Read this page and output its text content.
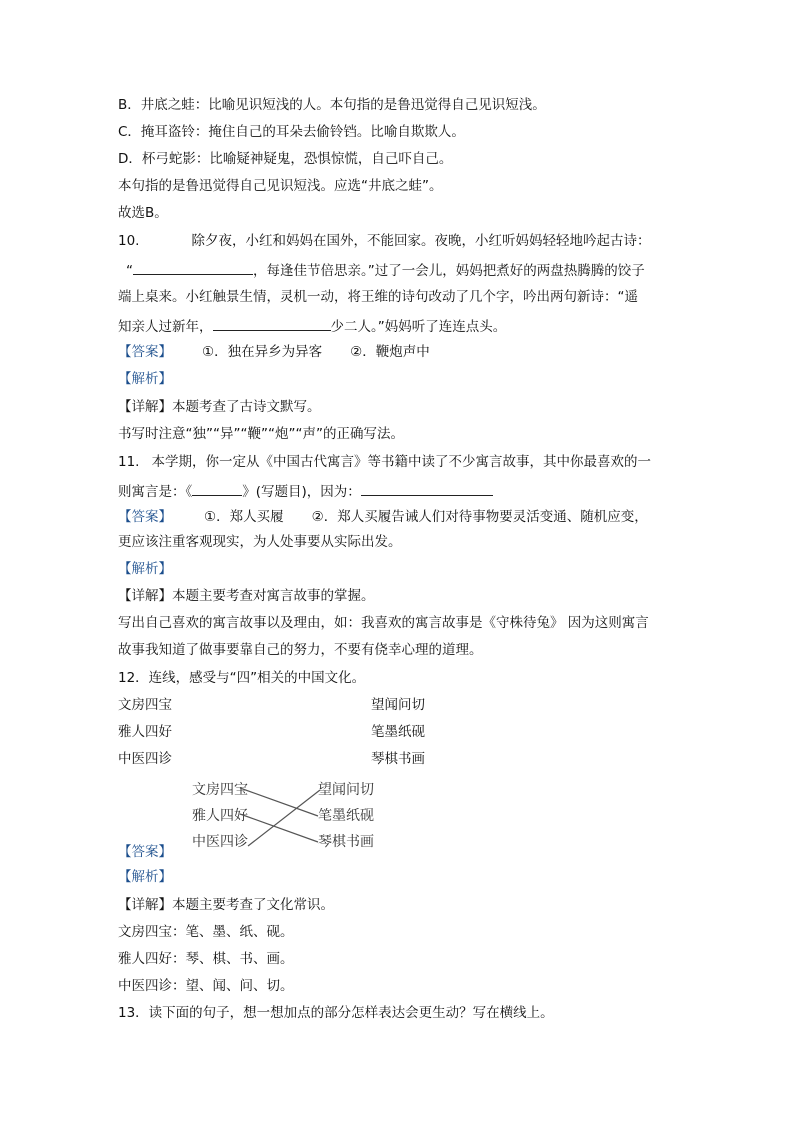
B．井底之蛙：比喻见识短浅的人。本句指的是鲁迅觉得自己见识短浅。
C．掩耳盗铃：掩住自己的耳朵去偷铃铛。比喻自欺欺人。
D．杯弓蛇影：比喻疑神疑鬼，恐惧惊慌，自己吓自己。
本句指的是鲁迅觉得自己见识短浅。应选“井底之蛙”。
故选B。
10.	除夕夜，小红和妈妈在国外，不能回家。夜晚，小红听妈妈轻轻地吟起古诗：
“	，每逢佳节倍思亲。”过了一会儿，妈妈把煮好的两盘热腾腾的饺子
端上桌来。小红触景生情，灵机一动，将王维的诗句改动了几个字，吟出两句新诗：“遥
知亲人过新年，	少二人。”妈妈听了连连点头。
【答案】 ①．独在异乡为异客 ②．鞭炮声中
【解析】
【详解】本题考查了古诗文默写。
书写时注意“独”“异”“鞭”“炮”“声”的正确写法。
11. 本学期，你一定从《中国古代寓言》等书籍中读了不少寓言故事，其中你最喜欢的一
则寓言是：《	》(写题目)，因为：
【答案】 ①．郑人买履 ②．郑人买履告诫人们对待事物要灵活变通、随机应变，
更应该注重客观现实，为人处事要从实际出发。
【解析】
【详解】本题主要考查对寓言故事的掌握。
写出自己喜欢的寓言故事以及理由，如：我喜欢的寓言故事是《守株待兔》 因为这则寓言
故事我知道了做事要靠自己的努力，不要有侥幸心理的道理。
12．连线，感受与“四”相关的中国文化。
文房四宝	望闻问切
雅人四好	笔墨纸砚
中医四诊	琴棋书画
文房四宝
雅人四好
中医四诊
望闻问切
笔墨纸砚
琴棋书画
【答案】
【解析】
【详解】本题主要考查了文化常识。
文房四宝：笔、墨、纸、砚。
雅人四好：琴、棋、书、画。
中医四诊：望、闻、问、切。
13．读下面的句子，想一想加点的部分怎样表达会更生动？写在横线上。
